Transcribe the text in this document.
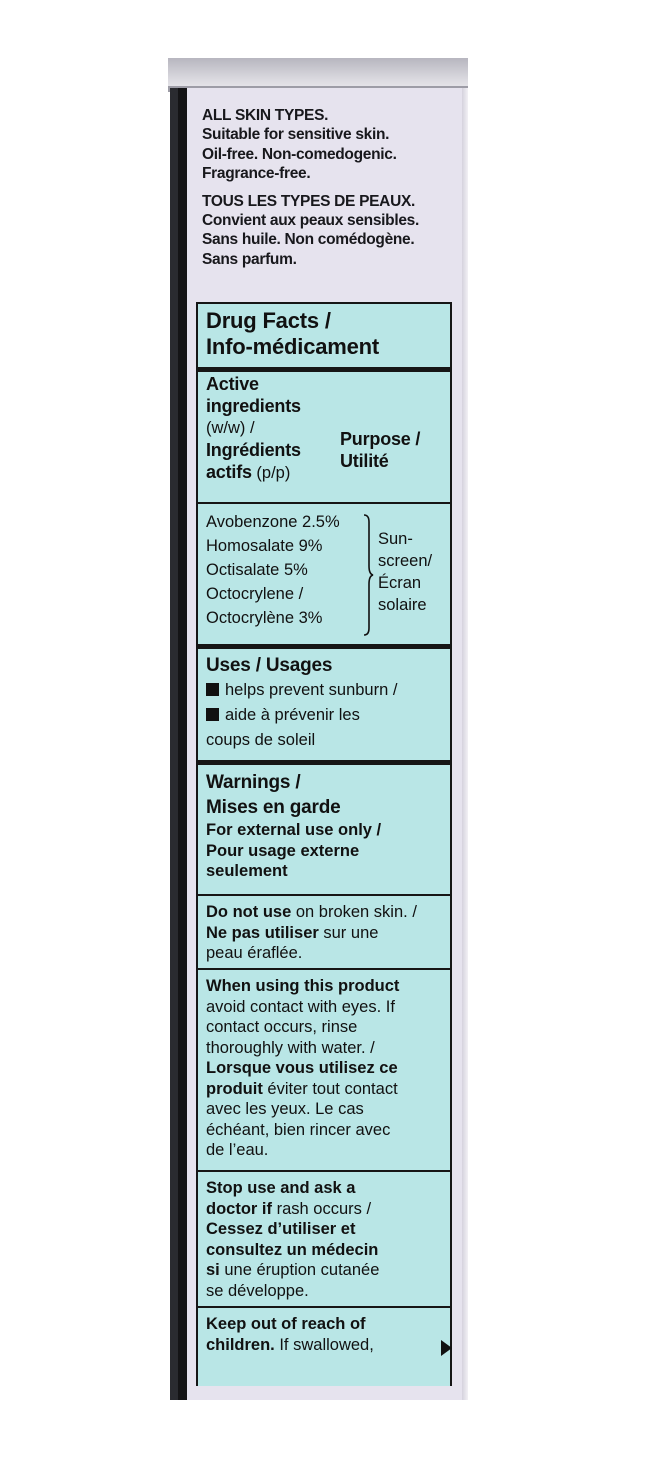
ALL SKIN TYPES.
Suitable for sensitive skin.
Oil-free. Non-comedogenic.
Fragrance-free.
TOUS LES TYPES DE PEAUX.
Convient aux peaux sensibles.
Sans huile. Non comédogène.
Sans parfum.
Drug Facts /
Info-médicament
Active
ingredients
(w/w) /
Ingrédients
actifs (p/p)
Purpose /
Utilité
Avobenzone 2.5%
Homosalate 9%
Octisalate 5%
Octocrylene /
Octocrylène 3%
Sun-
screen/
Écran
solaire
Uses / Usages
helps prevent sunburn /
aide à prévenir les
coups de soleil
Warnings /
Mises en garde
For external use only /
Pour usage externe
seulement
Do not use on broken skin. /
Ne pas utiliser sur une
peau éraflée.
When using this product
avoid contact with eyes. If
contact occurs, rinse
thoroughly with water. /
Lorsque vous utilisez ce
produit éviter tout contact
avec les yeux. Le cas
échéant, bien rincer avec
de l’eau.
Stop use and ask a
doctor if rash occurs /
Cessez d’utiliser et
consultez un médecin
si une éruption cutanée
se développe.
Keep out of reach of
children. If swallowed,
